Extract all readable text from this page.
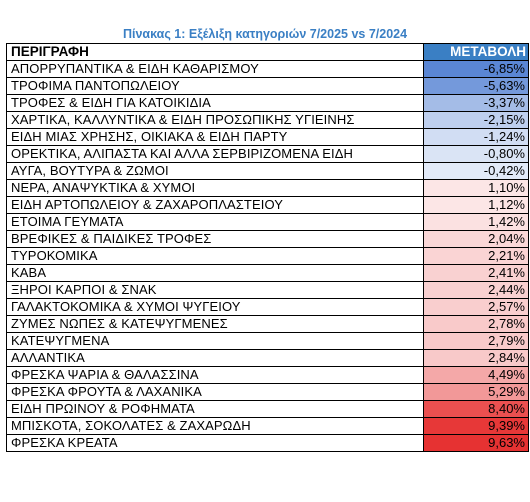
Πίνακας 1: Εξέλιξη κατηγοριών 7/2025 vs 7/2024
ΠΕΡΙΓΡΑΦΗ	ΜΕΤΑΒΟΛΗ
ΑΠΟΡΡΥΠΑΝΤΙΚΑ & ΕΙΔΗ ΚΑΘΑΡΙΣΜΟΥ	-6,85%
ΤΡΟΦΙΜΑ ΠΑΝΤΟΠΩΛΕΙΟΥ	-5,63%
ΤΡΟΦΕΣ & ΕΙΔΗ ΓΙΑ ΚΑΤΟΙΚΙΔΙΑ	-3,37%
ΧΑΡΤΙΚΑ, ΚΑΛΛΥΝΤΙΚΑ & ΕΙΔΗ ΠΡΟΣΩΠΙΚΗΣ ΥΓΙΕΙΝΗΣ	-2,15%
ΕΙΔΗ ΜΙΑΣ ΧΡΗΣΗΣ, ΟΙΚΙΑΚΑ & ΕΙΔΗ ΠΑΡΤΥ	-1,24%
ΟΡΕΚΤΙΚΑ, ΑΛΙΠΑΣΤΑ ΚΑΙ ΑΛΛΑ ΣΕΡΒΙΡΙΖΟΜΕΝΑ ΕΙΔΗ	-0,80%
ΑΥΓΑ, ΒΟΥΤΥΡΑ & ΖΩΜΟΙ	-0,42%
ΝΕΡΑ, ΑΝΑΨΥΚΤΙΚΑ & ΧΥΜΟΙ	1,10%
ΕΙΔΗ ΑΡΤΟΠΩΛΕΙΟΥ & ΖΑΧΑΡΟΠΛΑΣΤΕΙΟΥ	1,12%
ΕΤΟΙΜΑ ΓΕΥΜΑΤΑ	1,42%
ΒΡΕΦΙΚΕΣ & ΠΑΙΔΙΚΕΣ ΤΡΟΦΕΣ	2,04%
ΤΥΡΟΚΟΜΙΚΑ	2,21%
ΚΑΒΑ	2,41%
ΞΗΡΟΙ ΚΑΡΠΟΙ & ΣΝΑΚ	2,44%
ΓΑΛΑΚΤΟΚΟΜΙΚΑ & ΧΥΜΟΙ ΨΥΓΕΙΟΥ	2,57%
ΖΥΜΕΣ ΝΩΠΕΣ & ΚΑΤΕΨΥΓΜΕΝΕΣ	2,78%
ΚΑΤΕΨΥΓΜΕΝΑ	2,79%
ΑΛΛΑΝΤΙΚΑ	2,84%
ΦΡΕΣΚΑ ΨΑΡΙΑ & ΘΑΛΑΣΣΙΝΑ	4,49%
ΦΡΕΣΚΑ ΦΡΟΥΤΑ & ΛΑΧΑΝΙΚΑ	5,29%
ΕΙΔΗ ΠΡΩΙΝΟΥ & ΡΟΦΗΜΑΤΑ	8,40%
ΜΠΙΣΚΟΤΑ, ΣΟΚΟΛΑΤΕΣ & ΖΑΧΑΡΩΔΗ	9,39%
ΦΡΕΣΚΑ ΚΡΕΑΤΑ	9,63%
